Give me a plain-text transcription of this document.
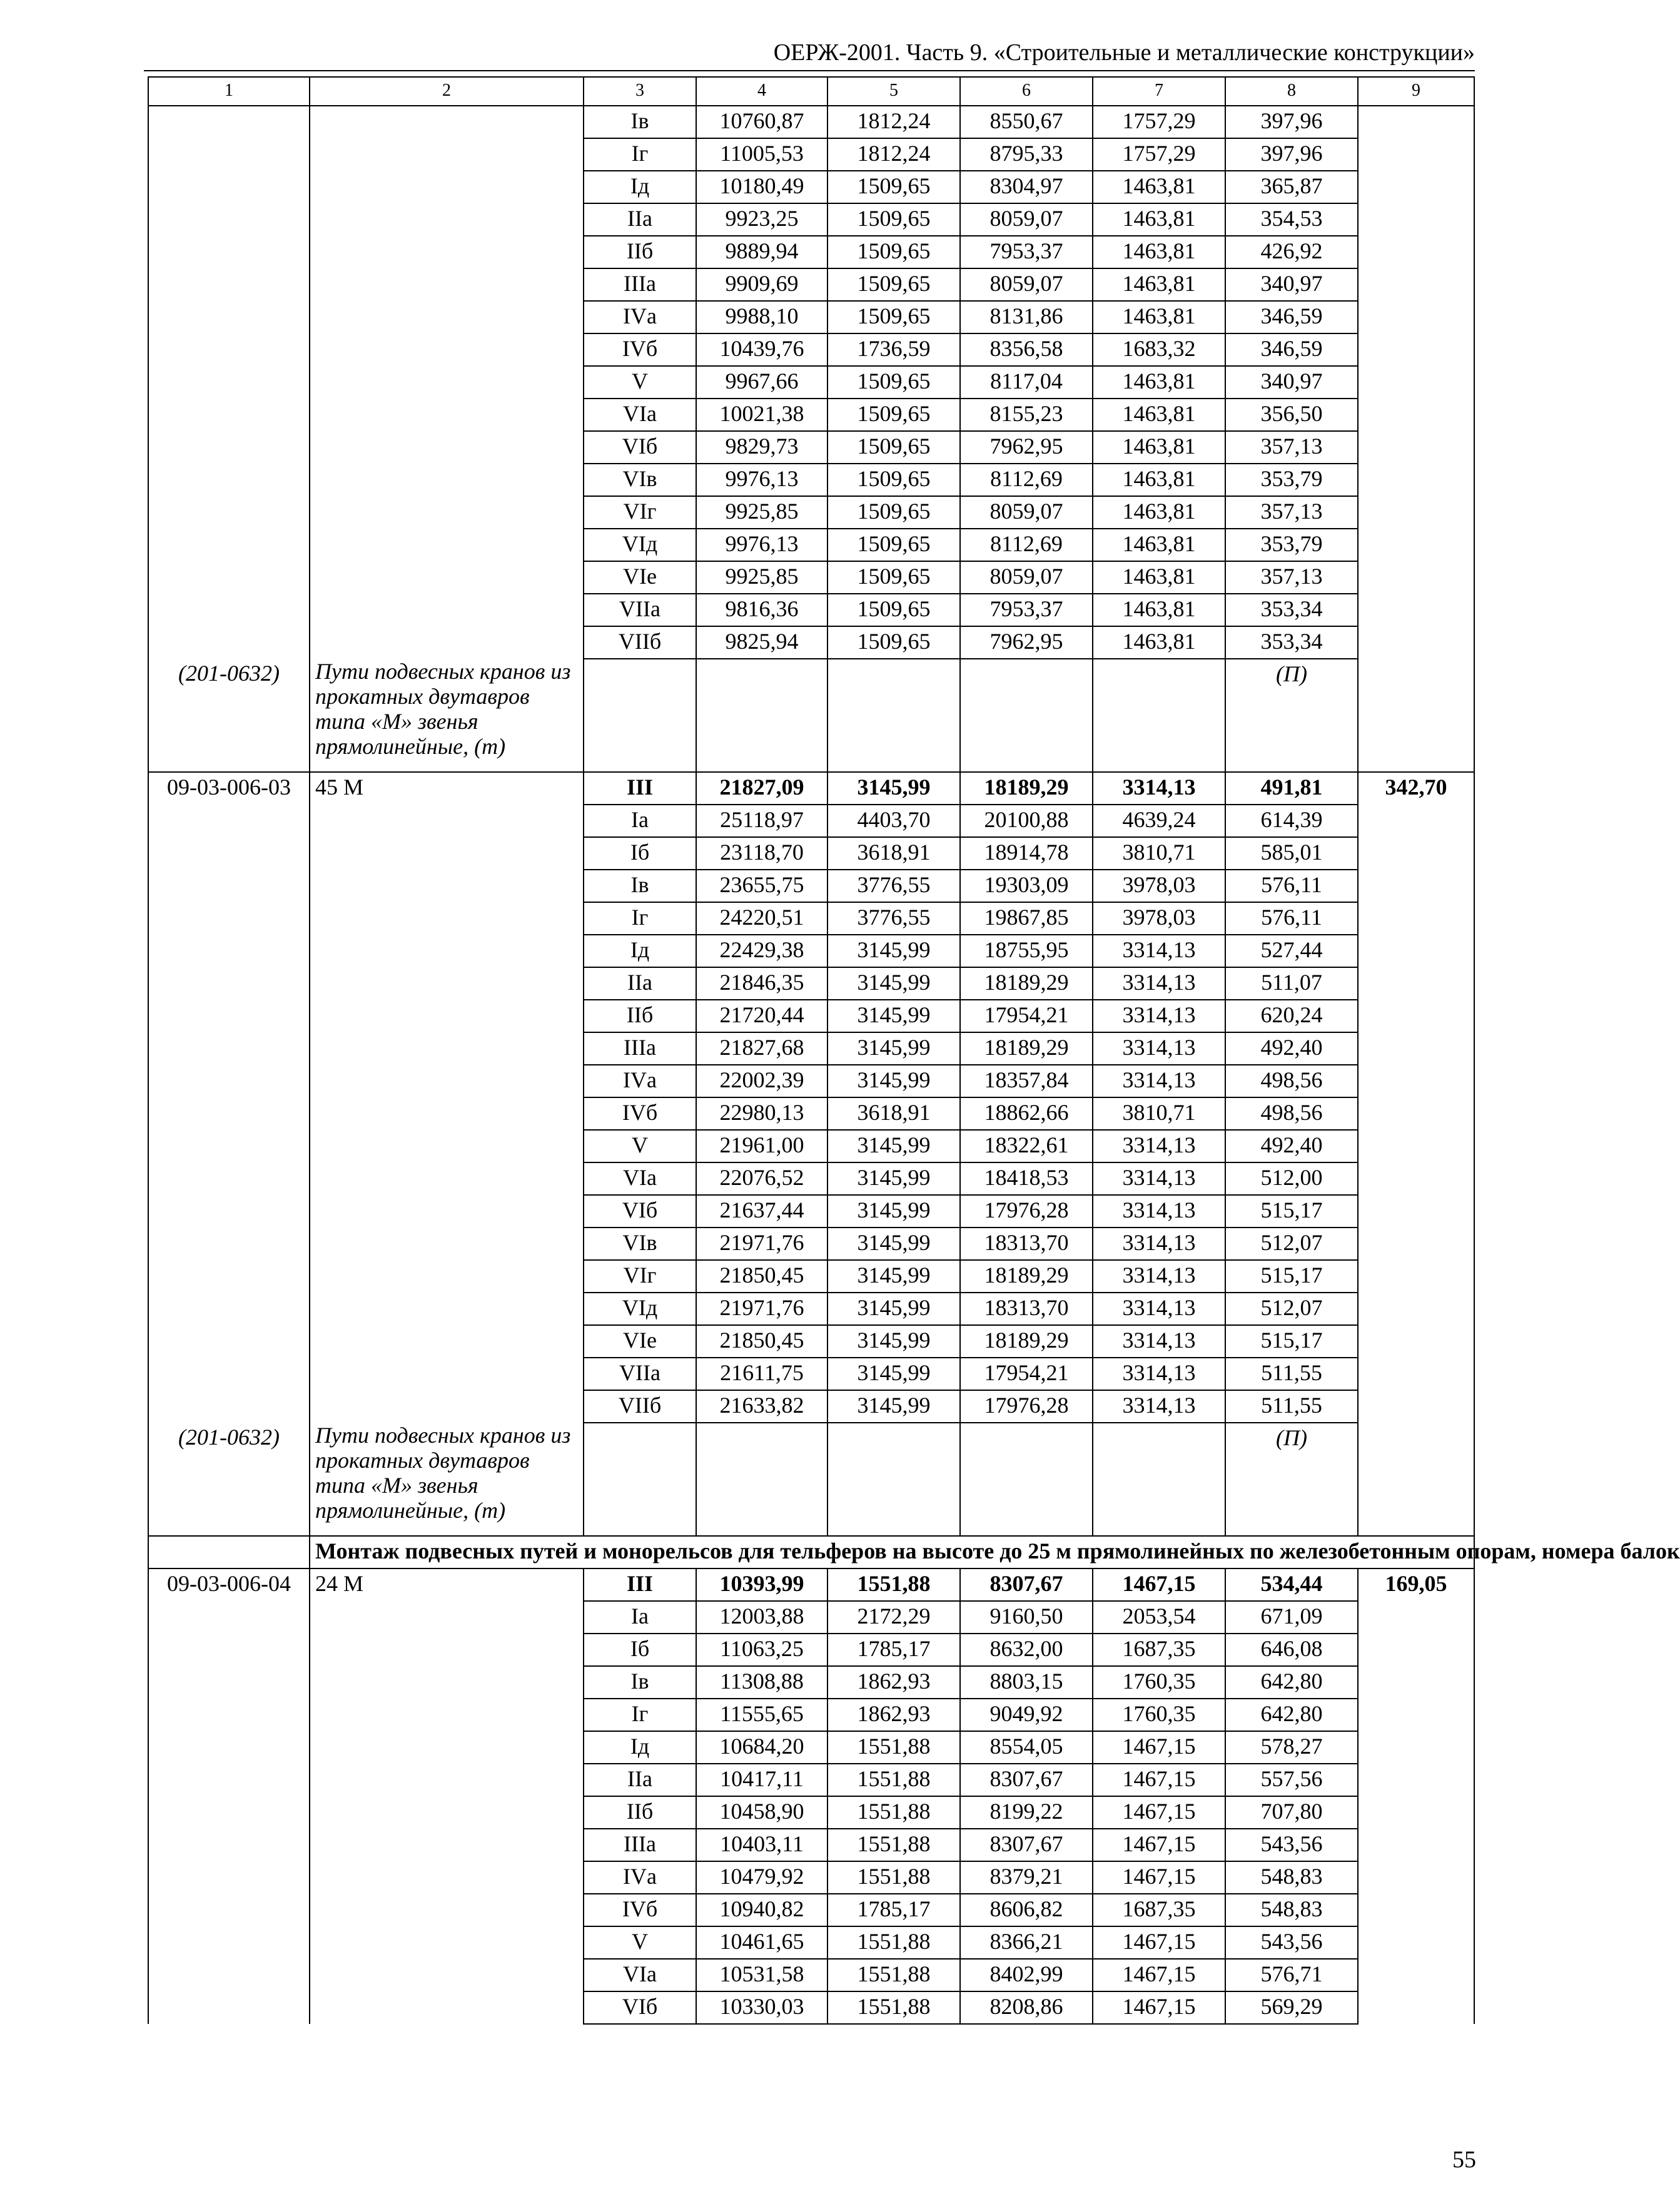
ОЕРЖ-2001. Часть 9. «Строительные и металлические конструкции»
1	2	3	4	5	6	7	8	9
		Iв	10760,87	1812,24	8550,67	1757,29	397,96	
		Iг	11005,53	1812,24	8795,33	1757,29	397,96	
		Iд	10180,49	1509,65	8304,97	1463,81	365,87	
		IIа	9923,25	1509,65	8059,07	1463,81	354,53	
		IIб	9889,94	1509,65	7953,37	1463,81	426,92	
		IIIа	9909,69	1509,65	8059,07	1463,81	340,97	
		IVа	9988,10	1509,65	8131,86	1463,81	346,59	
		IVб	10439,76	1736,59	8356,58	1683,32	346,59	
		V	9967,66	1509,65	8117,04	1463,81	340,97	
		VIа	10021,38	1509,65	8155,23	1463,81	356,50	
		VIб	9829,73	1509,65	7962,95	1463,81	357,13	
		VIв	9976,13	1509,65	8112,69	1463,81	353,79	
		VIг	9925,85	1509,65	8059,07	1463,81	357,13	
		VIд	9976,13	1509,65	8112,69	1463,81	353,79	
		VIе	9925,85	1509,65	8059,07	1463,81	357,13	
		VIIа	9816,36	1509,65	7953,37	1463,81	353,34	
		VIIб	9825,94	1509,65	7962,95	1463,81	353,34	
(201-0632)	Пути подвесных кранов из прокатных двутавров типа «М» звенья прямолинейные, (т)						(П)	
09-03-006-03	45 М	III	21827,09	3145,99	18189,29	3314,13	491,81	342,70
		Iа	25118,97	4403,70	20100,88	4639,24	614,39	
		Iб	23118,70	3618,91	18914,78	3810,71	585,01	
		Iв	23655,75	3776,55	19303,09	3978,03	576,11	
		Iг	24220,51	3776,55	19867,85	3978,03	576,11	
		Iд	22429,38	3145,99	18755,95	3314,13	527,44	
		IIа	21846,35	3145,99	18189,29	3314,13	511,07	
		IIб	21720,44	3145,99	17954,21	3314,13	620,24	
		IIIа	21827,68	3145,99	18189,29	3314,13	492,40	
		IVа	22002,39	3145,99	18357,84	3314,13	498,56	
		IVб	22980,13	3618,91	18862,66	3810,71	498,56	
		V	21961,00	3145,99	18322,61	3314,13	492,40	
		VIа	22076,52	3145,99	18418,53	3314,13	512,00	
		VIб	21637,44	3145,99	17976,28	3314,13	515,17	
		VIв	21971,76	3145,99	18313,70	3314,13	512,07	
		VIг	21850,45	3145,99	18189,29	3314,13	515,17	
		VIд	21971,76	3145,99	18313,70	3314,13	512,07	
		VIе	21850,45	3145,99	18189,29	3314,13	515,17	
		VIIа	21611,75	3145,99	17954,21	3314,13	511,55	
		VIIб	21633,82	3145,99	17976,28	3314,13	511,55	
(201-0632)	Пути подвесных кранов из прокатных двутавров типа «М» звенья прямолинейные, (т)						(П)	
	Монтаж подвесных путей и монорельсов для тельферов на высоте до 25 м прямолинейных по железобетонным опорам, номера балок							
09-03-006-04	24 М	III	10393,99	1551,88	8307,67	1467,15	534,44	169,05
		Iа	12003,88	2172,29	9160,50	2053,54	671,09	
		Iб	11063,25	1785,17	8632,00	1687,35	646,08	
		Iв	11308,88	1862,93	8803,15	1760,35	642,80	
		Iг	11555,65	1862,93	9049,92	1760,35	642,80	
		Iд	10684,20	1551,88	8554,05	1467,15	578,27	
		IIа	10417,11	1551,88	8307,67	1467,15	557,56	
		IIб	10458,90	1551,88	8199,22	1467,15	707,80	
		IIIа	10403,11	1551,88	8307,67	1467,15	543,56	
		IVа	10479,92	1551,88	8379,21	1467,15	548,83	
		IVб	10940,82	1785,17	8606,82	1687,35	548,83	
		V	10461,65	1551,88	8366,21	1467,15	543,56	
		VIа	10531,58	1551,88	8402,99	1467,15	576,71	
		VIб	10330,03	1551,88	8208,86	1467,15	569,29	
55
